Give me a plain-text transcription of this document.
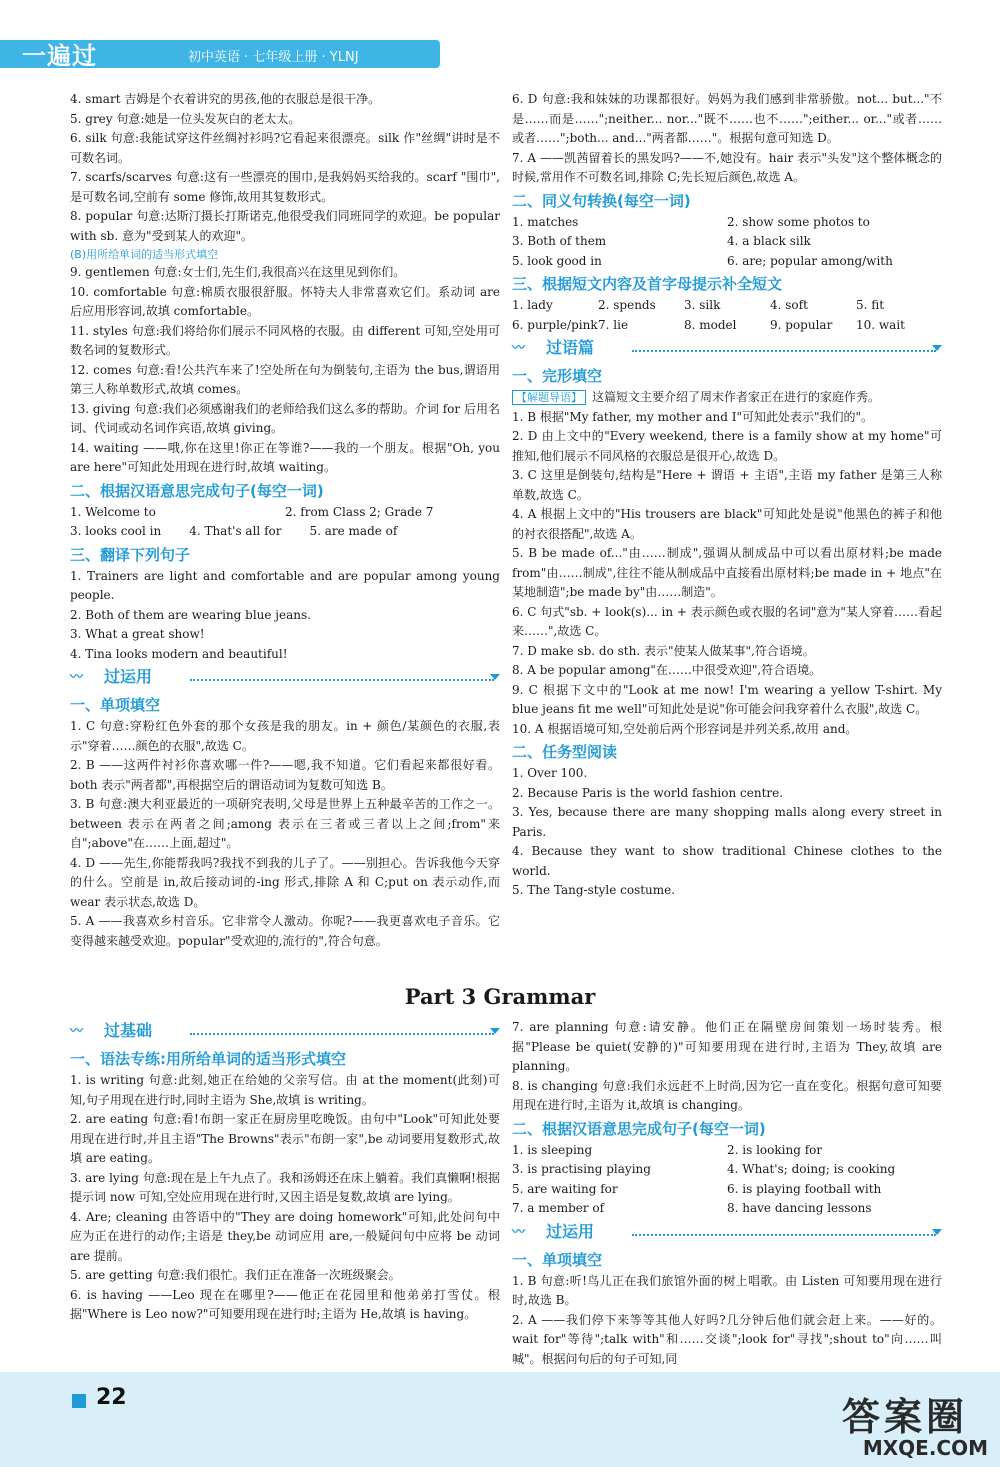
一遍过	初中英语 · 七年级上册 · YLNJ
4. smart 吉姆是个衣着讲究的男孩,他的衣服总是很干净。
5. grey 句意:她是一位头发灰白的老太太。
6. silk 句意:我能试穿这件丝绸衬衫吗?它看起来很漂亮。silk 作"丝绸"讲时是不可数名词。
7. scarfs/scarves 句意:这有一些漂亮的围巾,是我妈妈买给我的。scarf "围巾",是可数名词,空前有 some 修饰,故用其复数形式。
8. popular 句意:达斯汀摄长打斯诺克,他很受我们同班同学的欢迎。be popular with sb. 意为"受到某人的欢迎"。
(B)用所给单词的适当形式填空
9. gentlemen 句意:女士们,先生们,我很高兴在这里见到你们。
10. comfortable 句意:棉质衣服很舒服。怀特夫人非常喜欢它们。系动词 are 后应用形容词,故填 comfortable。
11. styles 句意:我们将给你们展示不同风格的衣服。由 different 可知,空处用可数名词的复数形式。
12. comes 句意:看!公共汽车来了!空处所在句为倒装句,主语为 the bus,谓语用第三人称单数形式,故填 comes。
13. giving 句意:我们必须感谢我们的老师给我们这么多的帮助。介词 for 后用名词、代词或动名词作宾语,故填 giving。
14. waiting ——哦,你在这里!你正在等谁?——我的一个朋友。根据"Oh, you are here"可知此处用现在进行时,故填 waiting。
二、根据汉语意思完成句子(每空一词)
1. Welcome to	2. from Class 2; Grade 7
3. looks cool in 4. That's all for 5. are made of
三、翻译下列句子
1. Trainers are light and comfortable and are popular among young people.
2. Both of them are wearing blue jeans.
3. What a great show!
4. Tina looks modern and beautiful!
〰 过运用
一、单项填空
1. C 句意:穿粉红色外套的那个女孩是我的朋友。in + 颜色/某颜色的衣服,表示"穿着……颜色的衣服",故选 C。
2. B ——这两件衬衫你喜欢哪一件?——嗯,我不知道。它们看起来都很好看。both 表示"两者都",再根据空后的谓语动词为复数可知选 B。
3. B 句意:澳大利亚最近的一项研究表明,父母是世界上五种最辛苦的工作之一。between 表示在两者之间;among 表示在三者或三者以上之间;from"来自";above"在……上面,超过"。
4. D ——先生,你能帮我吗?我找不到我的儿子了。——别担心。告诉我他今天穿的什么。空前是 in,故后接动词的-ing 形式,排除 A 和 C;put on 表示动作,而 wear 表示状态,故选 D。
5. A ——我喜欢乡村音乐。它非常令人激动。你呢?——我更喜欢电子音乐。它变得越来越受欢迎。popular"受欢迎的,流行的",符合句意。
6. D 句意:我和妹妹的功课都很好。妈妈为我们感到非常骄傲。not... but..."不是……而是……";neither... nor..."既不……也不……";either... or..."或者……或者……";both... and..."两者都……"。根据句意可知选 D。
7. A ——凯茜留着长的黑发吗?——不,她没有。hair 表示"头发"这个整体概念的时候,常用作不可数名词,排除 C;先长短后颜色,故选 A。
二、同义句转换(每空一词)
1. matches	2. show some photos to
3. Both of them	4. a black silk
5. look good in	6. are; popular among/with
三、根据短文内容及首字母提示补全短文
1. lady	2. spends	3. silk	4. soft	5. fit
6. purple/pink 7. lie	8. model	9. popular	10. wait
〰 过语篇
一、完形填空
【解题导语】 这篇短文主要介绍了周末作者家正在进行的家庭作秀。
1. B 根据"My father, my mother and I"可知此处表示"我们的"。
2. D 由上文中的"Every weekend, there is a family show at my home"可推知,他们展示不同风格的衣服总是很开心,故选 D。
3. C 这里是倒装句,结构是"Here + 谓语 + 主语",主语 my father 是第三人称单数,故选 C。
4. A 根据上文中的"His trousers are black"可知此处是说"他黑色的裤子和他的衬衣很搭配",故选 A。
5. B be made of..."由……制成",强调从制成品中可以看出原材料;be made from"由……制成",往往不能从制成品中直接看出原材料;be made in + 地点"在某地制造";be made by"由……制造"。
6. C 句式"sb. + look(s)... in + 表示颜色或衣服的名词"意为"某人穿着……看起来……",故选 C。
7. D make sb. do sth. 表示"使某人做某事",符合语境。
8. A be popular among"在……中很受欢迎",符合语境。
9. C 根据下文中的"Look at me now! I'm wearing a yellow T-shirt. My blue jeans fit me well"可知此处是说"你可能会问我穿着什么衣服",故选 C。
10. A 根据语境可知,空处前后两个形容词是并列关系,故用 and。
二、任务型阅读
1. Over 100.
2. Because Paris is the world fashion centre.
3. Yes, because there are many shopping malls along every street in Paris.
4. Because they want to show traditional Chinese clothes to the world.
5. The Tang-style costume.
Part 3 Grammar
〰 过基础
一、语法专练:用所给单词的适当形式填空
1. is writing 句意:此刻,她正在给她的父亲写信。由 at the moment(此刻)可知,句子用现在进行时,同时主语为 She,故填 is writing。
2. are eating 句意:看!布朗一家正在厨房里吃晚饭。由句中"Look"可知此处要用现在进行时,并且主语"The Browns"表示"布朗一家",be 动词要用复数形式,故填 are eating。
3. are lying 句意:现在是上午九点了。我和汤姆还在床上躺着。我们真懒啊!根据提示词 now 可知,空处应用现在进行时,又因主语是复数,故填 are lying。
4. Are; cleaning 由答语中的"They are doing homework"可知,此处问句中应为正在进行的动作;主语是 they,be 动词应用 are,一般疑问句中应将 be 动词 are 提前。
5. are getting 句意:我们很忙。我们正在准备一次班级聚会。
6. is having ——Leo 现在在哪里?——他正在花园里和他弟弟打雪仗。根据"Where is Leo now?"可知要用现在进行时;主语为 He,故填 is having。
7. are planning 句意:请安静。他们正在隔壁房间策划一场时装秀。根据"Please be quiet(安静的)"可知要用现在进行时,主语为 They,故填 are planning。
8. is changing 句意:我们永远赶不上时尚,因为它一直在变化。根据句意可知要用现在进行时,主语为 it,故填 is changing。
二、根据汉语意思完成句子(每空一词)
1. is sleeping	2. is looking for
3. is practising playing	4. What's; doing; is cooking
5. are waiting for	6. is playing football with
7. a member of	8. have dancing lessons
〰 过运用
一、单项填空
1. B 句意:听!鸟儿正在我们旅馆外面的树上唱歌。由 Listen 可知要用现在进行时,故选 B。
2. A ——我们停下来等等其他人好吗?几分钟后他们就会赶上来。——好的。wait for"等待";talk with"和……交谈";look for"寻找";shout to"向……叫喊"。根据问句后的句子可知,同
22	答案圈
MXQE.COM
